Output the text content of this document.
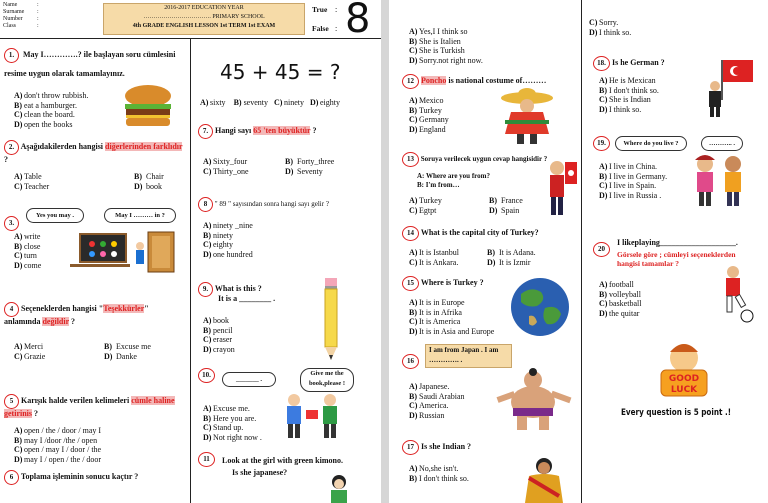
Name	:
Surname :
Number :
Class	:
2016-2017 EDUCATION YEAR
……………………………. PRIMARY SCHOOL
4th GRADE ENGLISH LESSON 1st TERM 1st EXAM
True
False
:
: 8
1. May I………….? ile başlayan soru cümlesini resime uygun olarak tamamlayınız.
A) don't throw rubbish.
B) eat a hamburger.
C) clean the board.
D) open the books
2. Aşağıdakilerden hangisi diğerlerinden farklıdır ?
A) Table	B) Chair
C) Teacher	D) book
3.
Yes you may .	May I ……… in ?
A) write
B) close
C) turn
D) come
4 Seçeneklerden hangisi "Teşekkürler" anlamında değildir ?
A) Merci	B) Excuse me
C) Grazie	D) Danke
5 Karışık halde verilen kelimeleri cümle haline getirinis ?
A) open / the / door / may I
B) may I /door /the / open
C) open / may I / door / the
D) may I / open / the / door
6 Toplama işleminin sonucu kaçtır ?
45 + 45 = ?
A) sixty B) seventy C) ninety D) eighty
7. Hangi sayı 65 'ten büyüktür ?
A) Sixty_four	B) Forty_three
C) Thirty_one	D) Seventy
8 " 89 " sayısından sonra hangi sayı gelir ?
A) ninety _nine
B) ninety
C) eighty
D) one hundred
9. What is this ?
It is a ________ .
A) book
B) pencil
C) eraser
D) crayon
10.
_______ .
Give me the book,please !
A) Excuse me.
B) Here you are.
C) Stand up.
D) Not right now .
11	Look at the girl with green kimono.
Is she japanese?
A) Yes,I I think so
B) She is Italien
C) She is Turkish
D) Sorry.not right now.
12 Poncho is national costume of………
A) Mexico
B) Turkey
C) Germany
D) England
13 Soruya verilecek uygun cevap hangisidir ?
A: Where are you from?
B: I'm from…
A) Turkey	B) France
C) Egtpt	D) Spain
14 What is the capital city of Turkey?
A) It is Istanbul	B) It is Adana.
C) It is Ankara.	D) It is Izmir
15 Where is Turkey ?
A) It is in Europe
B) It is in Afrika
C) It is America
D) It is in Asia and Europe
16
I am from Japan . I am …………. .
A) Japanese.
B) Saudi Arabian
C) America.
D) Russian
17 Is she Indian ?
A) No,she isn't.
B) I don't think so.
C) Sorry.
D) I think so.
18. Is he German ?
A) He is Mexican
B) I don't think so.
C) She is Indian
D) I think so.
19.	Where do you live ?	……….. .
A) I live in China.
B) I live in Germany.
C) I live in Spain.
D) I live in Russia .
20
I likeplaying___________________.
Görsele göre ; cümleyi seçeneklerden hangisi tamamlar ?
A) football
B) volleyball
C) basketball
D) the quitar
GOOD
LUCK
Every question is 5 point .!
